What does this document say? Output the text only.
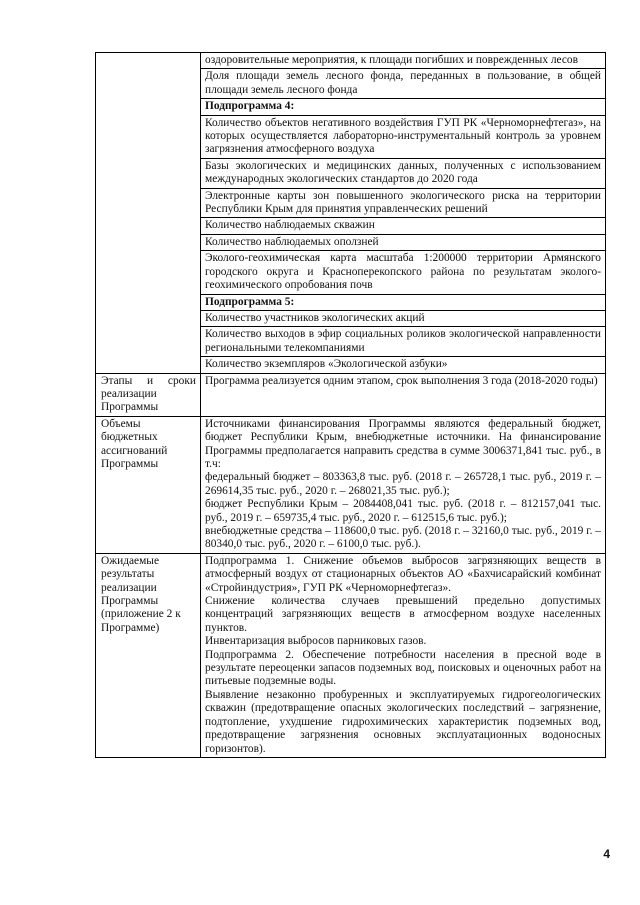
	оздоровительные мероприятия, к площади погибших и поврежденных лесов
	Доля площади земель лесного фонда, переданных в пользование, в общей площади земель лесного фонда
	Подпрограмма 4:
	Количество объектов негативного воздействия ГУП РК «Черноморнефтегаз», на которых осуществляется лабораторно-инструментальный контроль за уровнем загрязнения атмосферного воздуха
	Базы экологических и медицинских данных, полученных с использованием международных экологических стандартов до 2020 года
	Электронные карты зон повышенного экологического риска на территории Республики Крым для принятия управленческих решений
	Количество наблюдаемых скважин
	Количество наблюдаемых оползней
	Эколого-геохимическая карта масштаба 1:200000 территории Армянского городского округа и Красноперекопского района по результатам эколого-геохимического опробования почв
	Подпрограмма 5:
	Количество участников экологических акций
	Количество выходов в эфир социальных роликов экологической направленности региональными телекомпаниями
	Количество экземпляров «Экологической азбуки»
Этапы и сроки реализации Программы	Программа реализуется одним этапом, срок выполнения 3 года (2018-2020 годы)

Объемы бюджетных ассигнований Программы	Источниками финансирования Программы являются федеральный бюджет, бюджет Республики Крым, внебюджетные источники. На финансирование Программы предполагается направить средства в сумме 3006371,841 тыс. руб., в т.ч:
федеральный бюджет – 803363,8 тыс. руб. (2018 г. – 265728,1 тыс. руб., 2019 г. – 269614,35 тыс. руб., 2020 г. – 268021,35 тыс. руб.);
бюджет Республики Крым – 2084408,041 тыс. руб. (2018 г. – 812157,041 тыс. руб., 2019 г. – 659735,4 тыс. руб., 2020 г. – 612515,6 тыс. руб.);
внебюджетные средства – 118600,0 тыс. руб. (2018 г. – 32160,0 тыс. руб., 2019 г. – 80340,0 тыс. руб., 2020 г. – 6100,0 тыс. руб.).

Ожидаемые результаты реализации Программы (приложение 2 к Программе)	Подпрограмма 1. Снижение объемов выбросов загрязняющих веществ в атмосферный воздух от стационарных объектов АО «Бахчисарайский комбинат «Стройиндустрия», ГУП РК «Черноморнефтегаз».
Снижение количества случаев превышений предельно допустимых концентраций загрязняющих веществ в атмосферном воздухе населенных пунктов.
Инвентаризация выбросов парниковых газов.
Подпрограмма 2. Обеспечение потребности населения в пресной воде в результате переоценки запасов подземных вод, поисковых и оценочных работ на питьевые подземные воды.
Выявление незаконно пробуренных и эксплуатируемых гидрогеологических скважин (предотвращение опасных экологических последствий – загрязнение, подтопление, ухудшение гидрохимических характеристик подземных вод, предотвращение загрязнения основных эксплуатационных водоносных горизонтов).
4
